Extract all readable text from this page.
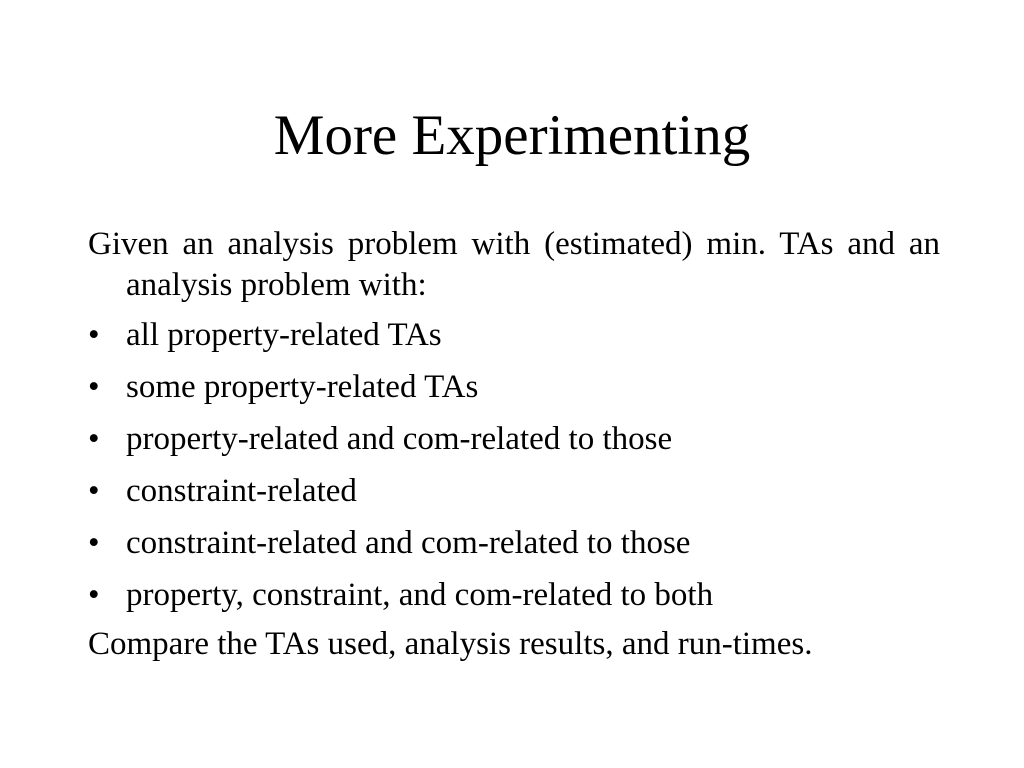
More Experimenting

Given an analysis problem with (estimated) min. TAs and an analysis problem with:

• all property-related TAs
• some property-related TAs
• property-related and com-related to those
• constraint-related
• constraint-related and com-related to those
• property, constraint, and com-related to both

Compare the TAs used, analysis results, and run-times.
